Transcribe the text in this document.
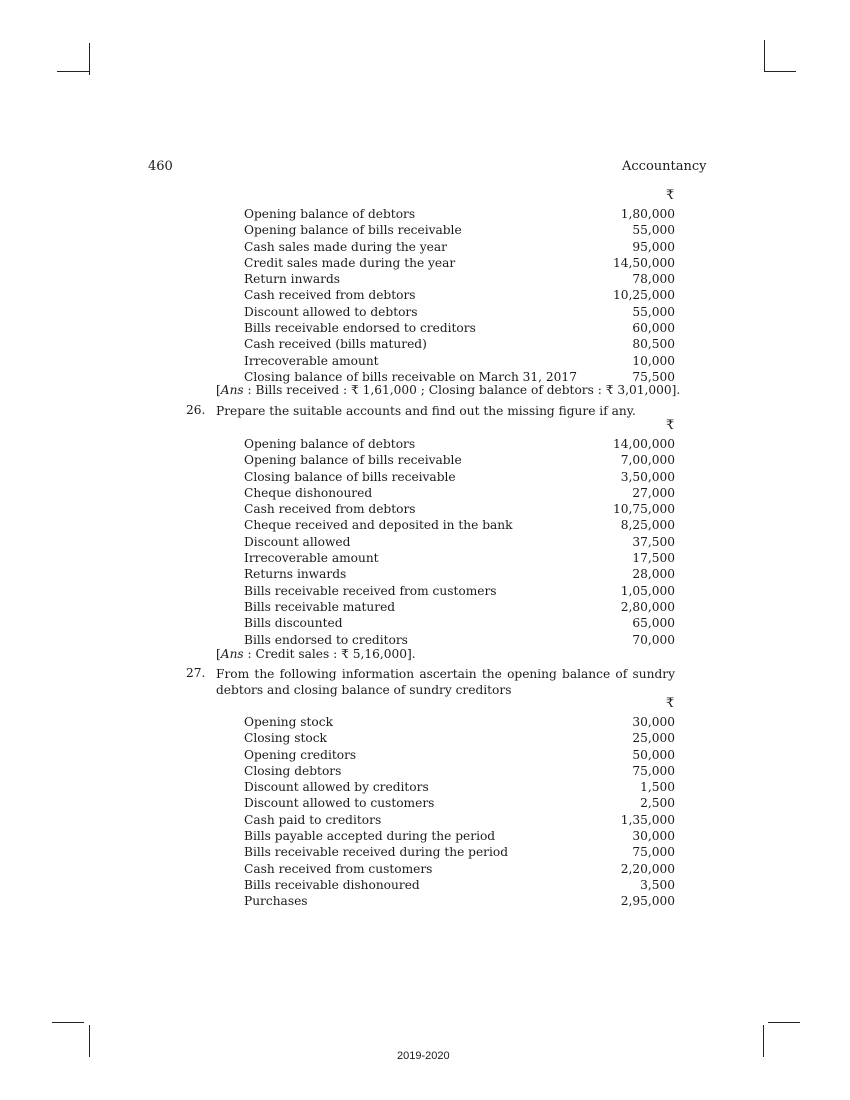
460	Accountancy
₹
Opening balance of debtors	1,80,000
Opening balance of bills receivable	55,000
Cash sales made during the year	95,000
Credit sales made during the year	14,50,000
Return inwards	78,000
Cash received from debtors	10,25,000
Discount allowed to debtors	55,000
Bills receivable endorsed to creditors	60,000
Cash received (bills matured)	80,500
Irrecoverable amount	10,000
Closing balance of bills receivable on March 31, 2017	75,500
[Ans : Bills received : ₹ 1,61,000 ; Closing balance of debtors : ₹ 3,01,000].
26. Prepare the suitable accounts and find out the missing figure if any.
₹
Opening balance of debtors	14,00,000
Opening balance of bills receivable	7,00,000
Closing balance of bills receivable	3,50,000
Cheque dishonoured	27,000
Cash received from debtors	10,75,000
Cheque received and deposited in the bank	8,25,000
Discount allowed	37,500
Irrecoverable amount	17,500
Returns inwards	28,000
Bills receivable received from customers	1,05,000
Bills receivable matured	2,80,000
Bills discounted	65,000
Bills endorsed to creditors	70,000
[Ans : Credit sales : ₹ 5,16,000].
27. From the following information ascertain the opening balance of sundry debtors and closing balance of sundry creditors
₹
Opening stock	30,000
Closing stock	25,000
Opening creditors	50,000
Closing debtors	75,000
Discount allowed by creditors	1,500
Discount allowed to customers	2,500
Cash paid to creditors	1,35,000
Bills payable accepted during the period	30,000
Bills receivable received during the period	75,000
Cash received from customers	2,20,000
Bills receivable dishonoured	3,500
Purchases	2,95,000
2019-2020
